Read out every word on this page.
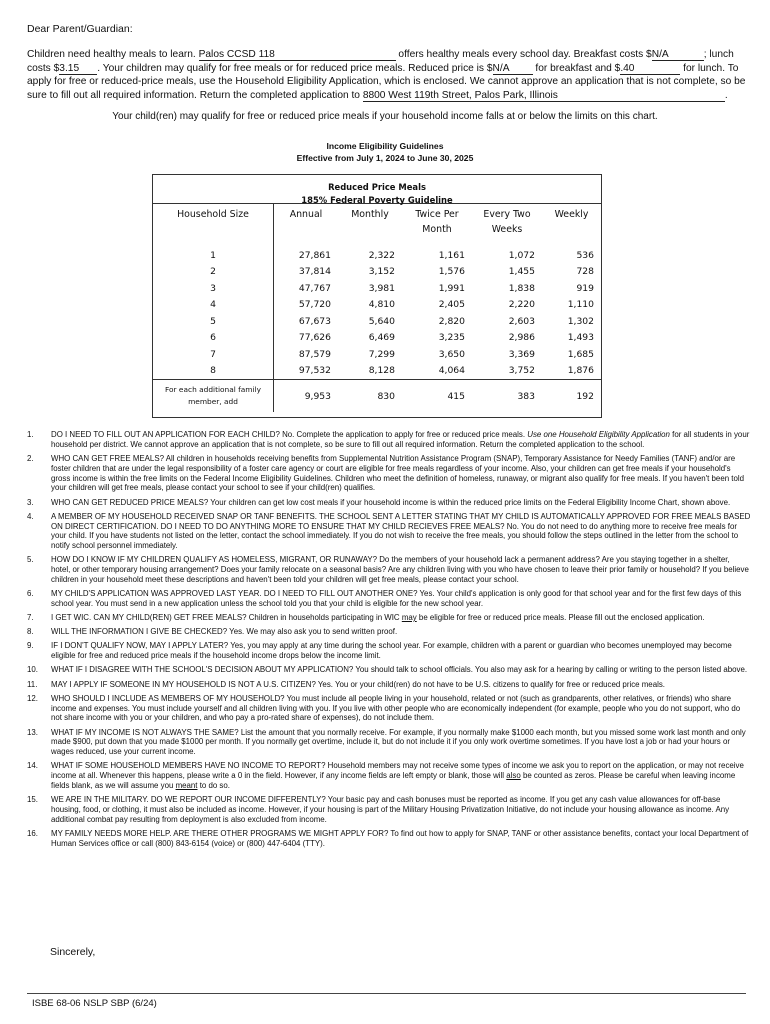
Dear Parent/Guardian:
Children need healthy meals to learn. Palos CCSD 118	offers healthy meals every school day. Breakfast costs $N/A	; lunch costs $3.15 . Your children may qualify for free meals or for reduced price meals. Reduced price is $N/A for breakfast and $.40	for lunch. To apply for free or reduced-price meals, use the Household Eligibility Application, which is enclosed. We cannot approve an application that is not complete, so be sure to fill out all required information. Return the completed application to 8800 West 119th Street, Palos Park, Illinois	.
Your child(ren) may qualify for free or reduced price meals if your household income falls at or below the limits on this chart.
Income Eligibility Guidelines
Effective from July 1, 2024 to June 30, 2025
Reduced Price Meals
185% Federal Poverty Guideline
Household Size	Annual	Monthly	Twice Per Month	Every Two Weeks	Weekly

1	27,861	2,322	1,161	1,072	536
2	37,814	3,152	1,576	1,455	728
3	47,767	3,981	1,991	1,838	919
4	57,720	4,810	2,405	2,220	1,110
5	67,673	5,640	2,820	2,603	1,302
6	77,626	6,469	3,235	2,986	1,493
7	87,579	7,299	3,650	3,369	1,685
8	97,532	8,128	4,064	3,752	1,876
For each additional family member, add	9,953	830	415	383	192
1. DO I NEED TO FILL OUT AN APPLICATION FOR EACH CHILD? No. Complete the application to apply for free or reduced price meals. Use one Household Eligibility Application for all students in your household per district. We cannot approve an application that is not complete, so be sure to fill out all required information. Return the completed application to the school.
2. WHO CAN GET FREE MEALS? All children in households receiving benefits from Supplemental Nutrition Assistance Program (SNAP), Temporary Assistance for Needy Families (TANF) and/or are foster children that are under the legal responsibility of a foster care agency or court are eligible for free meals regardless of your income. Also, your children can get free meals if your household's gross income is within the free limits on the Federal Income Eligibility Guidelines. Children who meet the definition of homeless, runaway, or migrant also qualify for free meals. If you haven't been told your children will get free meals, please contact your school to see if your child(ren) qualifies.
3. WHO CAN GET REDUCED PRICE MEALS? Your children can get low cost meals if your household income is within the reduced price limits on the Federal Eligibility Income Chart, shown above.
4. A MEMBER OF MY HOUSEHOLD RECEIVED SNAP OR TANF BENEFITS. THE SCHOOL SENT A LETTER STATING THAT MY CHILD IS AUTOMATICALLY APPROVED FOR FREE MEALS BASED ON DIRECT CERTIFICATION. DO I NEED TO DO ANYTHING MORE TO ENSURE THAT MY CHILD RECIEVES FREE MEALS? No. You do not need to do anything more to receive free meals for your child. If you have students not listed on the letter, contact the school immediately. If you do not wish to receive the free meals, you should follow the steps outlined in the letter from the school to notify school personnel immediately.
5. HOW DO I KNOW IF MY CHILDREN QUALIFY AS HOMELESS, MIGRANT, OR RUNAWAY? Do the members of your household lack a permanent address? Are you staying together in a shelter, hotel, or other temporary housing arrangement? Does your family relocate on a seasonal basis? Are any children living with you who have chosen to leave their prior family or household? If you believe children in your household meet these descriptions and haven't been told your children will get free meals, please contact your school.
6. MY CHILD'S APPLICATION WAS APPROVED LAST YEAR. DO I NEED TO FILL OUT ANOTHER ONE? Yes. Your child's application is only good for that school year and for the first few days of this school year. You must send in a new application unless the school told you that your child is eligible for the new school year.
7. I GET WIC. CAN MY CHILD(REN) GET FREE MEALS? Children in households participating in WIC may be eligible for free or reduced price meals. Please fill out the enclosed application.
8. WILL THE INFORMATION I GIVE BE CHECKED? Yes. We may also ask you to send written proof.
9. IF I DON'T QUALIFY NOW, MAY I APPLY LATER? Yes, you may apply at any time during the school year. For example, children with a parent or guardian who becomes unemployed may become eligible for free and reduced price meals if the household income drops below the income limit.
10. WHAT IF I DISAGREE WITH THE SCHOOL'S DECISION ABOUT MY APPLICATION? You should talk to school officials. You also may ask for a hearing by calling or writing to the person listed above.
11. MAY I APPLY IF SOMEONE IN MY HOUSEHOLD IS NOT A U.S. CITIZEN? Yes. You or your child(ren) do not have to be U.S. citizens to qualify for free or reduced price meals.
12. WHO SHOULD I INCLUDE AS MEMBERS OF MY HOUSEHOLD? You must include all people living in your household, related or not (such as grandparents, other relatives, or friends) who share income and expenses. You must include yourself and all children living with you. If you live with other people who are economically independent (for example, people who you do not support, who do not share income with you or your children, and who pay a pro-rated share of expenses), do not include them.
13. WHAT IF MY INCOME IS NOT ALWAYS THE SAME? List the amount that you normally receive. For example, if you normally make $1000 each month, but you missed some work last month and only made $900, put down that you made $1000 per month. If you normally get overtime, include it, but do not include it if you only work overtime sometimes. If you have lost a job or had your hours or wages reduced, use your current income.
14. WHAT IF SOME HOUSEHOLD MEMBERS HAVE NO INCOME TO REPORT? Household members may not receive some types of income we ask you to report on the application, or may not receive income at all. Whenever this happens, please write a 0 in the field. However, if any income fields are left empty or blank, those will also be counted as zeros. Please be careful when leaving income fields blank, as we will assume you meant to do so.
15. WE ARE IN THE MILITARY. DO WE REPORT OUR INCOME DIFFERENTLY? Your basic pay and cash bonuses must be reported as income. If you get any cash value allowances for off-base housing, food, or clothing, it must also be included as income. However, if your housing is part of the Military Housing Privatization Initiative, do not include your housing allowance as income. Any additional combat pay resulting from deployment is also excluded from income.
16. MY FAMILY NEEDS MORE HELP. ARE THERE OTHER PROGRAMS WE MIGHT APPLY FOR? To find out how to apply for SNAP, TANF or other assistance benefits, contact your local Department of Human Services office or call (800) 843-6154 (voice) or (800) 447-6404 (TTY).
Sincerely,
ISBE 68-06 NSLP SBP (6/24)
